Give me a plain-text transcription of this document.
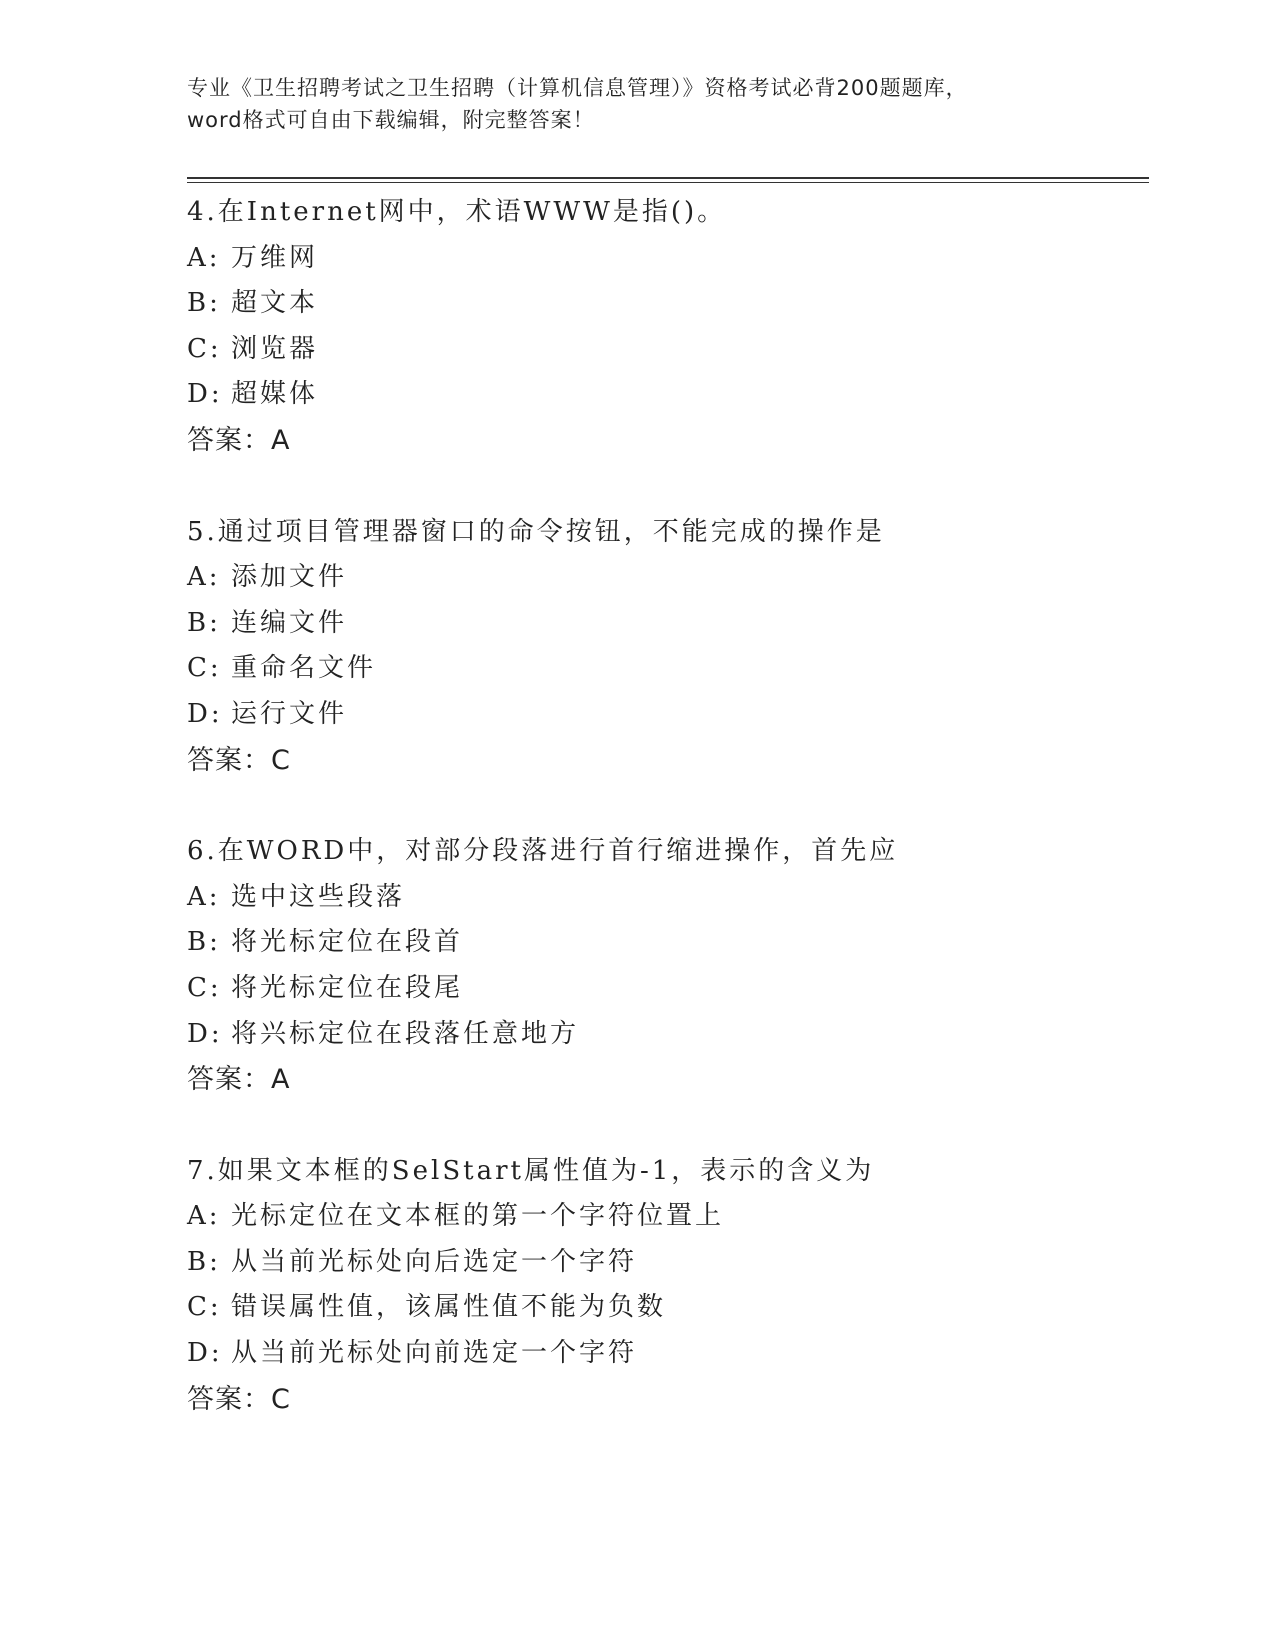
专业《卫生招聘考试之卫生招聘（计算机信息管理）》资格考试必背200题题库，
word格式可自由下载编辑，附完整答案！
4.在Internet网中，术语WWW是指()。
A: 万维网
B: 超文本
C: 浏览器
D: 超媒体
答案：A
5.通过项目管理器窗口的命令按钮，不能完成的操作是
A: 添加文件
B: 连编文件
C: 重命名文件
D: 运行文件
答案：C
6.在WORD中，对部分段落进行首行缩进操作，首先应
A: 选中这些段落
B: 将光标定位在段首
C: 将光标定位在段尾
D: 将兴标定位在段落任意地方
答案：A
7.如果文本框的SelStart属性值为-1，表示的含义为
A: 光标定位在文本框的第一个字符位置上
B: 从当前光标处向后选定一个字符
C: 错误属性值，该属性值不能为负数
D: 从当前光标处向前选定一个字符
答案：C
